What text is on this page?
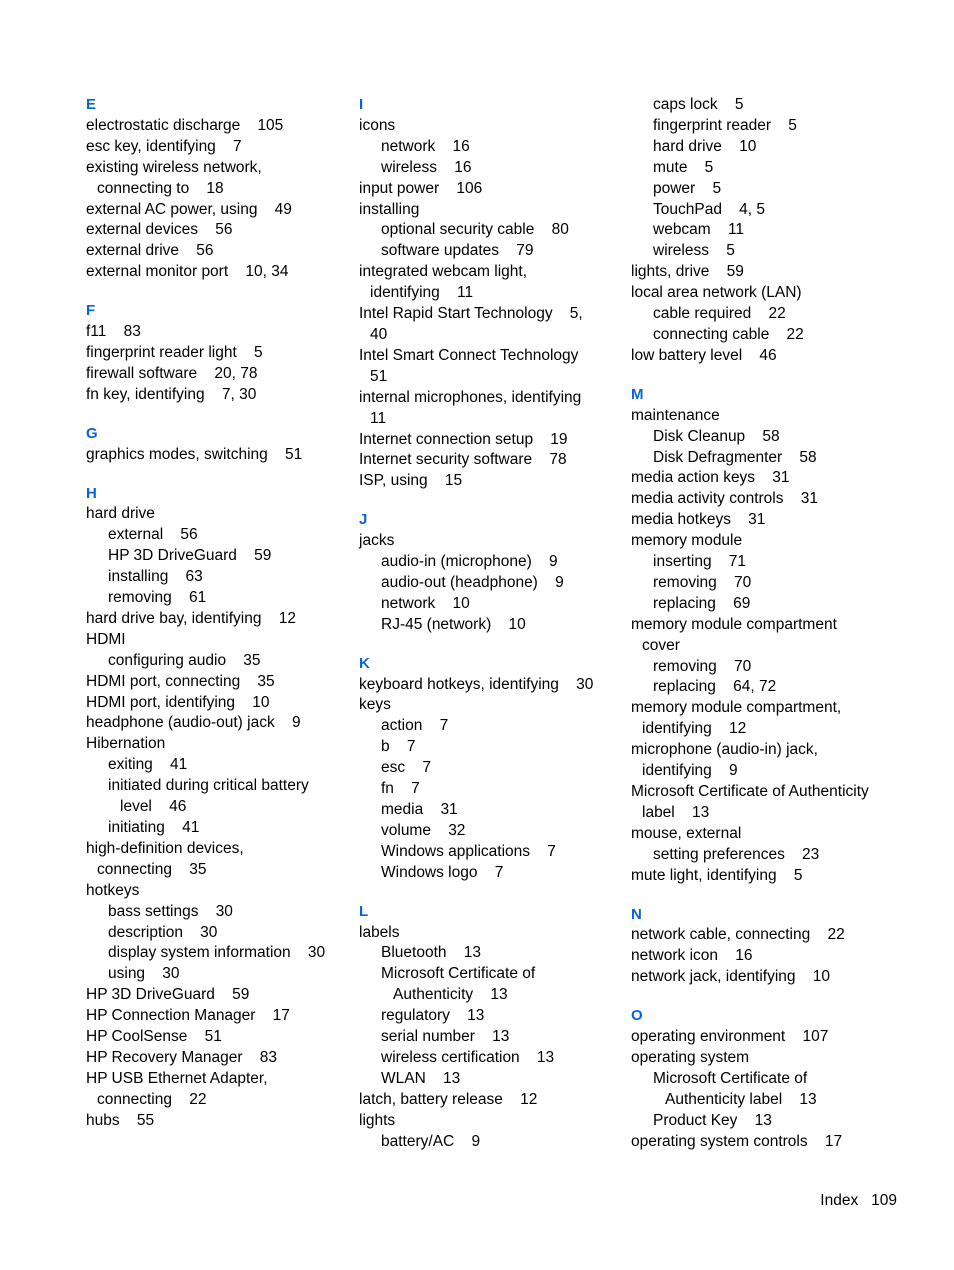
E
electrostatic discharge    105
esc key, identifying    7
existing wireless network,
connecting to    18
external AC power, using    49
external devices    56
external drive    56
external monitor port    10, 34
F
f11    83
fingerprint reader light    5
firewall software    20, 78
fn key, identifying    7, 30
G
graphics modes, switching    51
H
hard drive
external    56
HP 3D DriveGuard    59
installing    63
removing    61
hard drive bay, identifying    12
HDMI
configuring audio    35
HDMI port, connecting    35
HDMI port, identifying    10
headphone (audio-out) jack    9
Hibernation
exiting    41
initiated during critical battery
level    46
initiating    41
high-definition devices,
connecting    35
hotkeys
bass settings    30
description    30
display system information    30
using    30
HP 3D DriveGuard    59
HP Connection Manager    17
HP CoolSense    51
HP Recovery Manager    83
HP USB Ethernet Adapter,
connecting    22
hubs    55
I
icons
network    16
wireless    16
input power    106
installing
optional security cable    80
software updates    79
integrated webcam light,
identifying    11
Intel Rapid Start Technology    5,
40
Intel Smart Connect Technology
51
internal microphones, identifying
11
Internet connection setup    19
Internet security software    78
ISP, using    15
J
jacks
audio-in (microphone)    9
audio-out (headphone)    9
network    10
RJ-45 (network)    10
K
keyboard hotkeys, identifying    30
keys
action    7
b    7
esc    7
fn    7
media    31
volume    32
Windows applications    7
Windows logo    7
L
labels
Bluetooth    13
Microsoft Certificate of
Authenticity    13
regulatory    13
serial number    13
wireless certification    13
WLAN    13
latch, battery release    12
lights
battery/AC    9
caps lock    5
fingerprint reader    5
hard drive    10
mute    5
power    5
TouchPad    4, 5
webcam    11
wireless    5
lights, drive    59
local area network (LAN)
cable required    22
connecting cable    22
low battery level    46
M
maintenance
Disk Cleanup    58
Disk Defragmenter    58
media action keys    31
media activity controls    31
media hotkeys    31
memory module
inserting    71
removing    70
replacing    69
memory module compartment
cover
removing    70
replacing    64, 72
memory module compartment,
identifying    12
microphone (audio-in) jack,
identifying    9
Microsoft Certificate of Authenticity
label    13
mouse, external
setting preferences    23
mute light, identifying    5
N
network cable, connecting    22
network icon    16
network jack, identifying    10
O
operating environment    107
operating system
Microsoft Certificate of
Authenticity label    13
Product Key    13
operating system controls    17
Index 109
